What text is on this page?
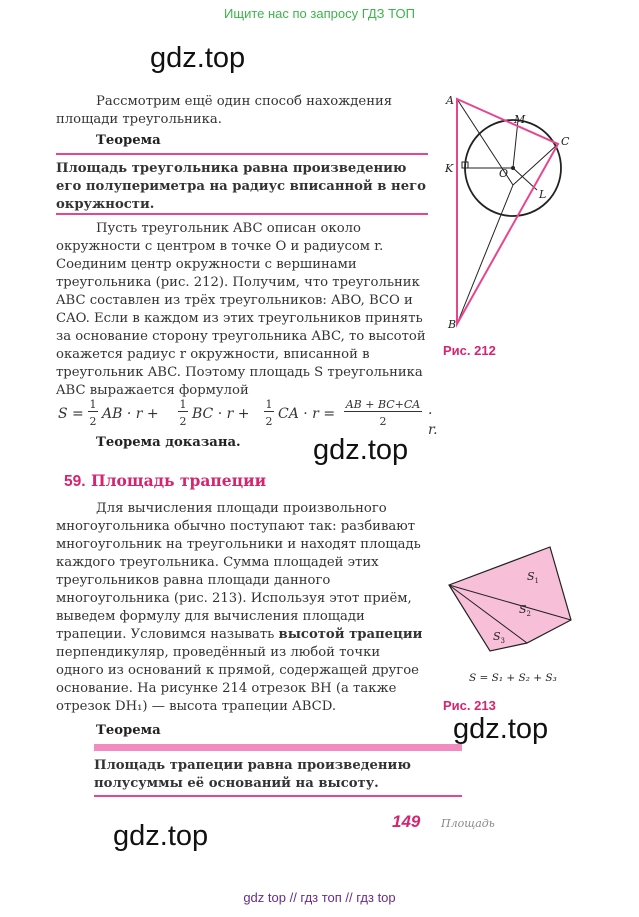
Ищите нас по запросу ГДЗ ТОП
gdz.top

Рассмотрим ещё один способ нахождения площади треугольника.

Теорема

Площадь треугольника равна произведению его полупериметра на радиус вписанной в него окружности.

Пусть треугольник ABC описан около окружности с центром в точке O и радиусом r. Соединим центр окружности с вершинами треугольника (рис. 212). Получим, что треугольник ABC составлен из трёх треугольников: ABO, BCO и CAO. Если в каждом из этих треугольников принять за основание сторону треугольника ABC, то высотой окажется радиус r окружности, вписанной в треугольник ABC. Поэтому площадь S треугольника ABC выражается формулой

S =
1
2 AB · r +
1
2 BC · r +
1
2 CA · r =
AB + BC+CA
2	· r.
Теорема доказана. gdz.top
59. Площадь трапеции

Для вычисления площади произвольного многоугольника обычно поступают так: разбивают многоугольник на треугольники и находят площадь каждого треугольника. Сумма площадей этих треугольников равна площади данного многоугольника (рис. 213). Используя этот приём, выведем формулу для вычисления площади трапеции. Условимся называть высотой трапеции перпендикуляр, проведённый из любой точки одного из оснований к прямой, содержащей другое основание. На рисунке 214 отрезок BH (а также отрезок DH₁) — высота трапеции ABCD.

Теорема

Площадь трапеции равна произведению полусуммы её оснований на высоту.

gdz.top
gdz.top	149 Площадь
A
B
C
K	O
M
L
Рис. 212
$S_1$
$S_2$
$S_3$
S = S₁ + S₂ + S₃
Рис. 213
gdz top // гдз топ // гдз top
